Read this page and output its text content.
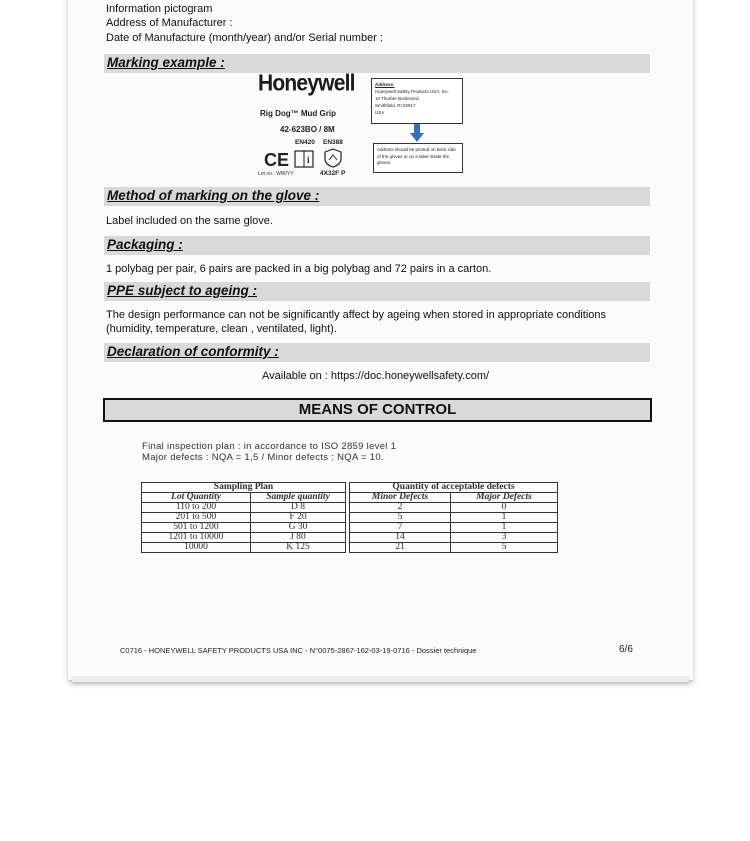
Information pictogram
Address of Manufacturer :
Date of Manufacture (month/year) and/or Serial number :
Marking example :
Honeywell
Rig Dog™ Mud Grip
42-623BO / 8M
EN420 EN388
CE i
Lot no.: WW/YY	4X32F P
Address:
Honeywell Safety Products USA, Inc.
10 Thurber Boulevard
Smithfield, RI 02917
USA
Address should be printed on back side of the gloves or on a label inside the gloves.
Method of marking on the glove :
Label included on the same glove.
Packaging :
1 polybag per pair, 6 pairs are packed in a big polybag and 72 pairs in a carton.
PPE subject to ageing :
The design performance can not be significantly affect by ageing when stored in appropriate conditions
(humidity, temperature, clean , ventilated, light).
Declaration of conformity :
Available on : https://doc.honeywellsafety.com/
MEANS OF CONTROL
Final inspection plan : in accordance to ISO 2859 level 1
Major defects : NQA = 1,5 / Minor defects : NQA = 10.
Sampling Plan			Quantity of acceptable defects	
Lot Quantity	Sample quantity		Minor Defects	Major Defects
110 to 200	D 8		2	0
201 to 500	F 20		5	1
501 to 1200	G 30		7	1
1201 to 10000	J 80		14	3
10000	K 125		21	5
C0716 - HONEYWELL SAFETY PRODUCTS USA INC - N°0075-2867-162-03-19-0716 - Dossier technique	6/6
